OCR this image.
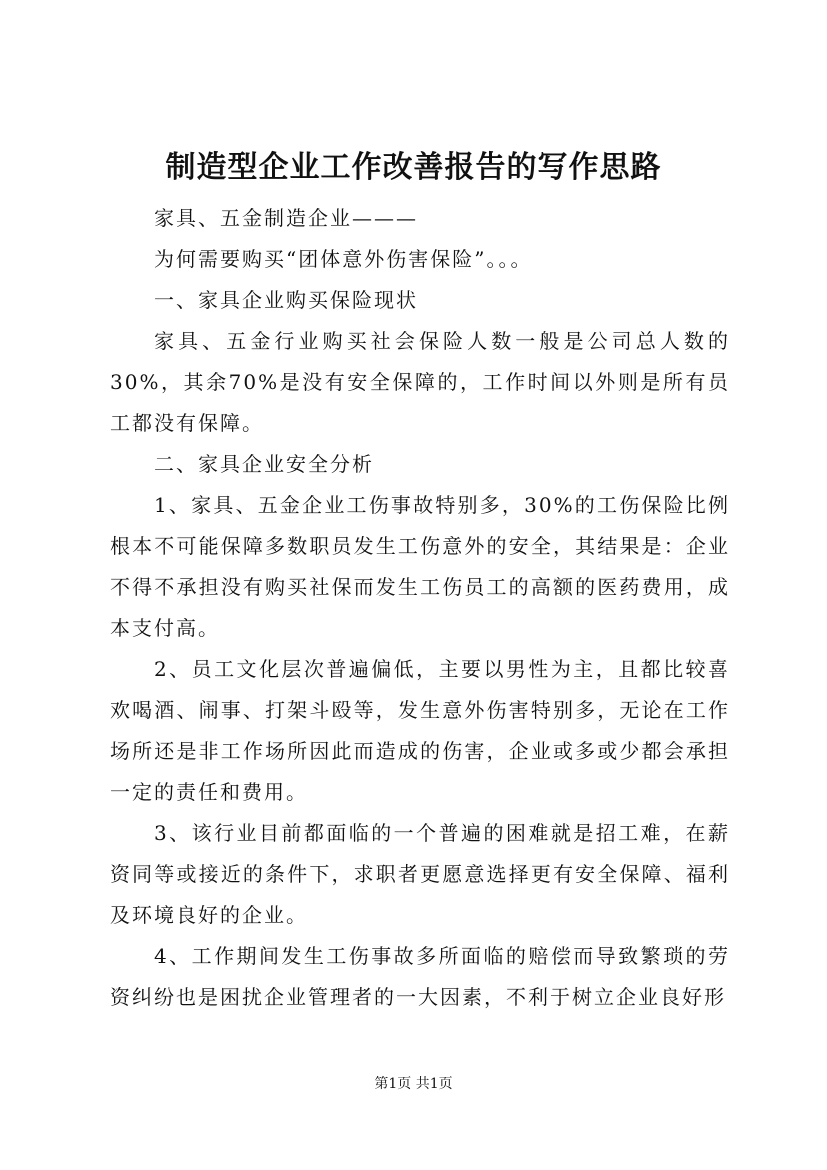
制造型企业工作改善报告的写作思路

家具、五金制造企业———

为何需要购买“团体意外伤害保险”。。。

一、家具企业购买保险现状

家具、五金行业购买社会保险人数一般是公司总人数的30%，其余70%是没有安全保障的，工作时间以外则是所有员工都没有保障。

二、家具企业安全分析

1、家具、五金企业工伤事故特别多，30%的工伤保险比例根本不可能保障多数职员发生工伤意外的安全，其结果是：企业不得不承担没有购买社保而发生工伤员工的高额的医药费用，成本支付高。

2、员工文化层次普遍偏低，主要以男性为主，且都比较喜欢喝酒、闹事、打架斗殴等，发生意外伤害特别多，无论在工作场所还是非工作场所因此而造成的伤害，企业或多或少都会承担一定的责任和费用。

3、该行业目前都面临的一个普遍的困难就是招工难，在薪资同等或接近的条件下，求职者更愿意选择更有安全保障、福利及环境良好的企业。

4、工作期间发生工伤事故多所面临的赔偿而导致繁琐的劳资纠纷也是困扰企业管理者的一大因素，不利于树立企业良好形

第1页 共1页
